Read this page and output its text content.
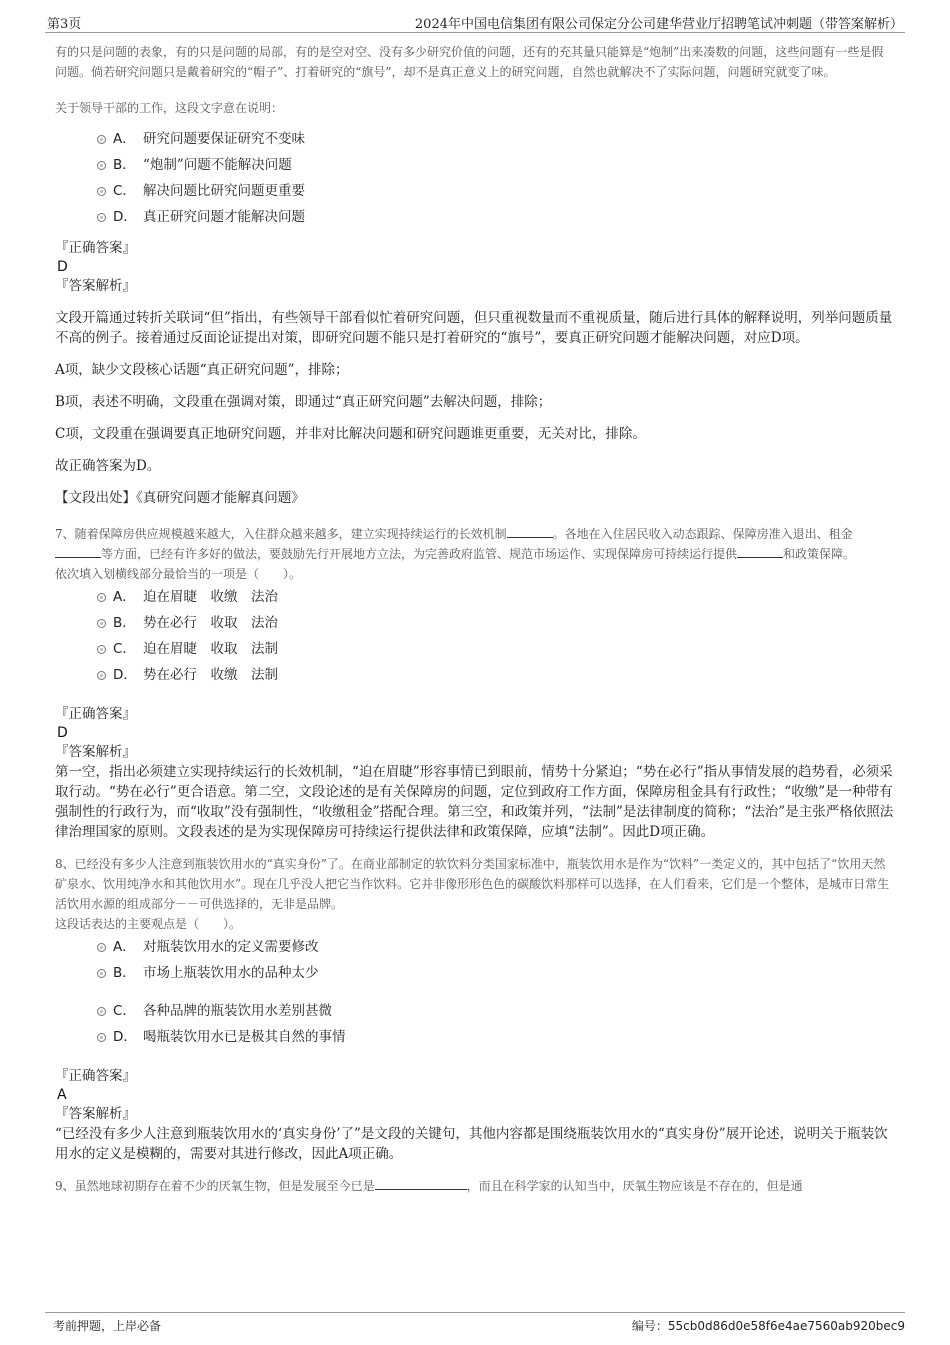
第3页	2024年中国电信集团有限公司保定分公司建华营业厅招聘笔试冲刺题（带答案解析）

有的只是问题的表象，有的只是问题的局部，有的是空对空、没有多少研究价值的问题，还有的充其量只能算是“炮制”出来凑数的问题，这些问题有一些是假问题。倘若研究问题只是戴着研究的“帽子”、打着研究的“旗号”，却不是真正意义上的研究问题，自然也就解决不了实际问题，问题研究就变了味。

关于领导干部的工作，这段文字意在说明：

A． 研究问题要保证研究不变味
B． “炮制”问题不能解决问题
C． 解决问题比研究问题更重要
D． 真正研究问题才能解决问题
『正确答案』
D
『答案解析』

文段开篇通过转折关联词“但”指出，有些领导干部看似忙着研究问题，但只重视数量而不重视质量，随后进行具体的解释说明，列举问题质量不高的例子。接着通过反面论证提出对策，即研究问题不能只是打着研究的“旗号”，要真正研究问题才能解决问题，对应D项。

A项，缺少文段核心话题“真正研究问题”，排除；

B项，表述不明确，文段重在强调对策，即通过“真正研究问题”去解决问题，排除；

C项，文段重在强调要真正地研究问题，并非对比解决问题和研究问题谁更重要，无关对比，排除。

故正确答案为D。

【文段出处】《真研究问题才能解真问题》

7、随着保障房供应规模越来越大，入住群众越来越多，建立实现持续运行的长效机制	。各地在入住居民收入动态跟踪、保障房准入退出、租金等方面，已经有许多好的做法，要鼓励先行开展地方立法，为完善政府监管、规范市场运作、实现保障房可持续运行提供	和政策保障。

依次填入划横线部分最恰当的一项是（　　）。

A． 迫在眉睫　收缴　法治
B． 势在必行　收取　法治
C． 迫在眉睫　收取　法制
D． 势在必行　收缴　法制
『正确答案』
D
『答案解析』

第一空，指出必须建立实现持续运行的长效机制，“迫在眉睫”形容事情已到眼前，情势十分紧迫；“势在必行”指从事情发展的趋势看，必须采取行动。“势在必行”更合语意。第二空，文段论述的是有关保障房的问题，定位到政府工作方面，保障房租金具有行政性；“收缴”是一种带有强制性的行政行为，而“收取”没有强制性，“收缴租金”搭配合理。第三空，和政策并列，“法制”是法律制度的简称；“法治”是主张严格依照法律治理国家的原则。文段表述的是为实现保障房可持续运行提供法律和政策保障，应填“法制”。因此D项正确。

8、已经没有多少人注意到瓶装饮用水的“真实身份”了。在商业部制定的软饮料分类国家标准中，瓶装饮用水是作为“饮料”一类定义的，其中包括了“饮用天然矿泉水、饮用纯净水和其他饮用水”。现在几乎没人把它当作饮料。它并非像形形色色的碳酸饮料那样可以选择，在人们看来，它们是一个整体，是城市日常生活饮用水源的组成部分－－可供选择的，无非是品牌。

这段话表达的主要观点是（　　）。

A． 对瓶装饮用水的定义需要修改
B． 市场上瓶装饮用水的品种太少
C． 各种品牌的瓶装饮用水差别甚微
D． 喝瓶装饮用水已是极其自然的事情
『正确答案』
A
『答案解析』

“已经没有多少人注意到瓶装饮用水的‘真实身份’了”是文段的关键句，其他内容都是围绕瓶装饮用水的“真实身份”展开论述，说明关于瓶装饮用水的定义是模糊的，需要对其进行修改，因此A项正确。

9、虽然地球初期存在着不少的厌氧生物，但是发展至今已是	，而且在科学家的认知当中，厌氧生物应该是不存在的，但是通

考前押题，上岸必备	编号：55cb0d86d0e58f6e4ae7560ab920bec9
